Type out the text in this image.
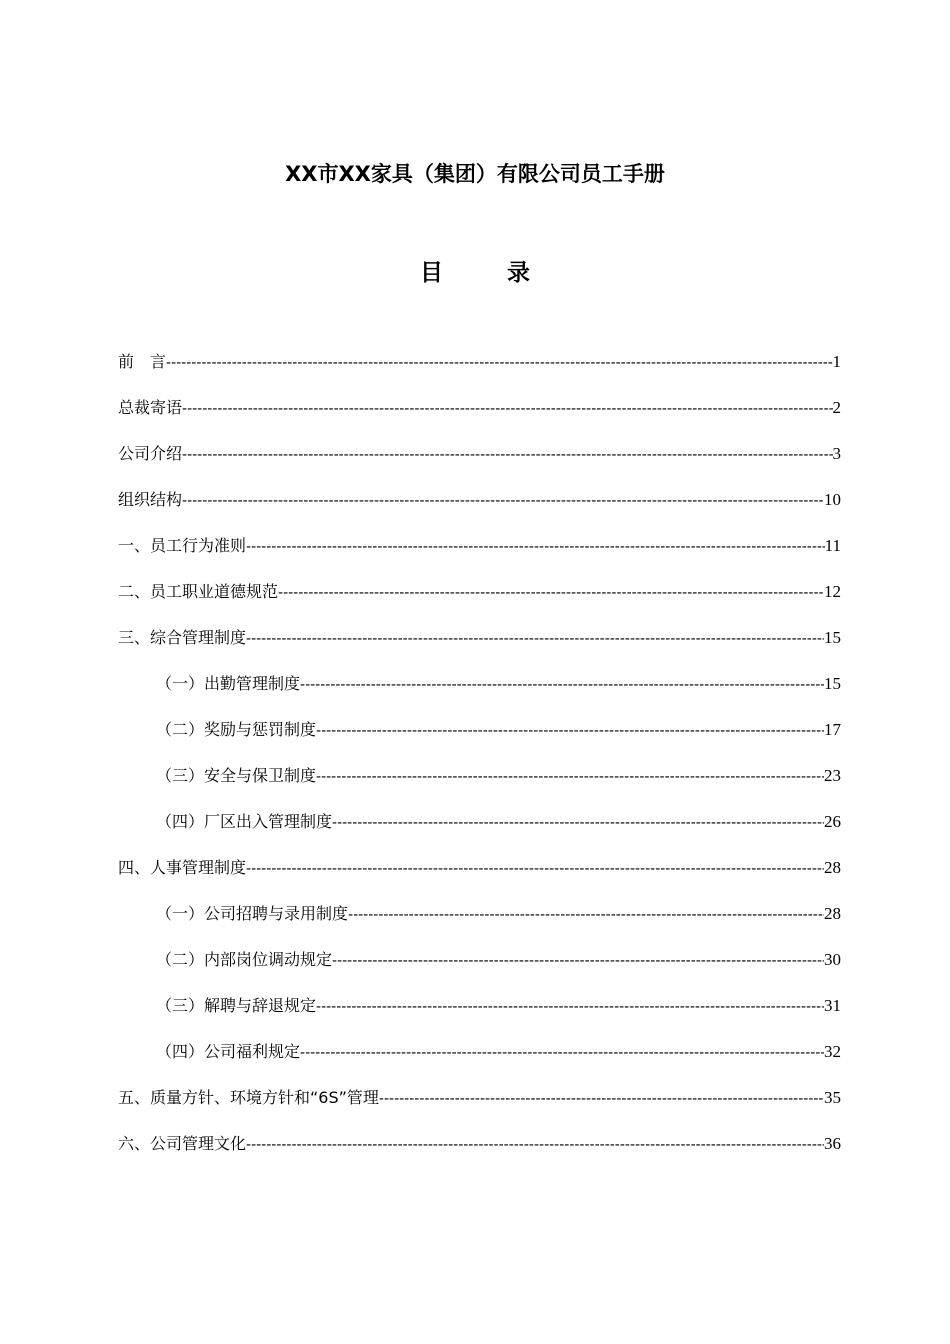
XX市XX家具（集团）有限公司员工手册
目 录
前　言 -----	1
总裁寄语 -----	2
公司介绍 -----	3
组织结构 -----	10
一、员工行为准则 -----	11
二、员工职业道德规范 -----	12
三、综合管理制度 -----	15
（一）出勤管理制度 -----	15
（二）奖励与惩罚制度 -----	17
（三）安全与保卫制度 -----	23
（四）厂区出入管理制度 -----	26
四、人事管理制度 -----	28
（一）公司招聘与录用制度 -----	28
（二）内部岗位调动规定 -----	30
（三）解聘与辞退规定 -----	31
（四）公司福利规定 -----	32
五、质量方针、环境方针和“6S”管理 -----	35
六、公司管理文化 -----	36
